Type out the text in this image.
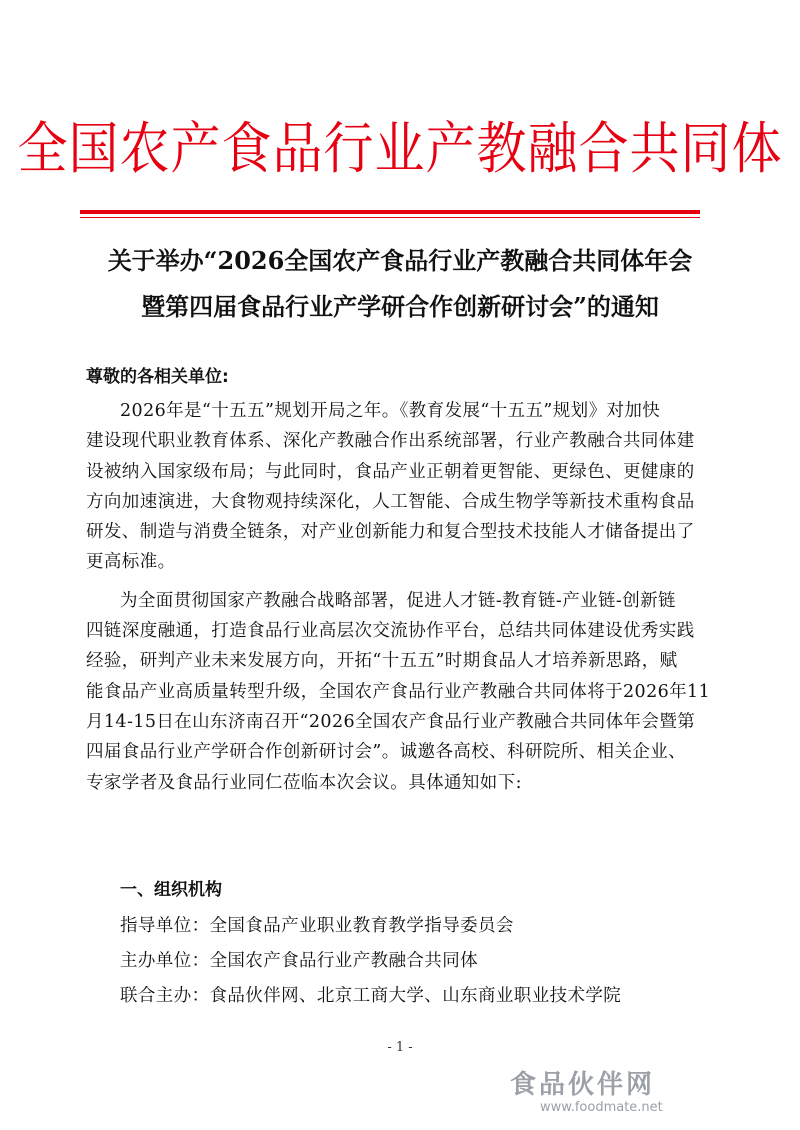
全国农产食品行业产教融合共同体
关于举办“2026全国农产食品行业产教融合共同体年会
暨第四届食品行业产学研合作创新研讨会”的通知
尊敬的各相关单位:
2026年是“十五五”规划开局之年。《教育发展“十五五”规划》对加快
建设现代职业教育体系、深化产教融合作出系统部署，行业产教融合共同体建
设被纳入国家级布局；与此同时，食品产业正朝着更智能、更绿色、更健康的
方向加速演进，大食物观持续深化，人工智能、合成生物学等新技术重构食品
研发、制造与消费全链条，对产业创新能力和复合型技术技能人才储备提出了
更高标准。
为全面贯彻国家产教融合战略部署，促进人才链-教育链-产业链-创新链
四链深度融通，打造食品行业高层次交流协作平台，总结共同体建设优秀实践
经验，研判产业未来发展方向，开拓“十五五”时期食品人才培养新思路，赋
能食品产业高质量转型升级，全国农产食品行业产教融合共同体将于2026年11
月14-15日在山东济南召开“2026全国农产食品行业产教融合共同体年会暨第
四届食品行业产学研合作创新研讨会”。诚邀各高校、科研院所、相关企业、
专家学者及食品行业同仁莅临本次会议。具体通知如下:
一、组织机构
指导单位：全国食品产业职业教育教学指导委员会
主办单位：全国农产食品行业产教融合共同体
联合主办：食品伙伴网、北京工商大学、山东商业职业技术学院
- 1 -
食品伙伴网
www.foodmate.net
